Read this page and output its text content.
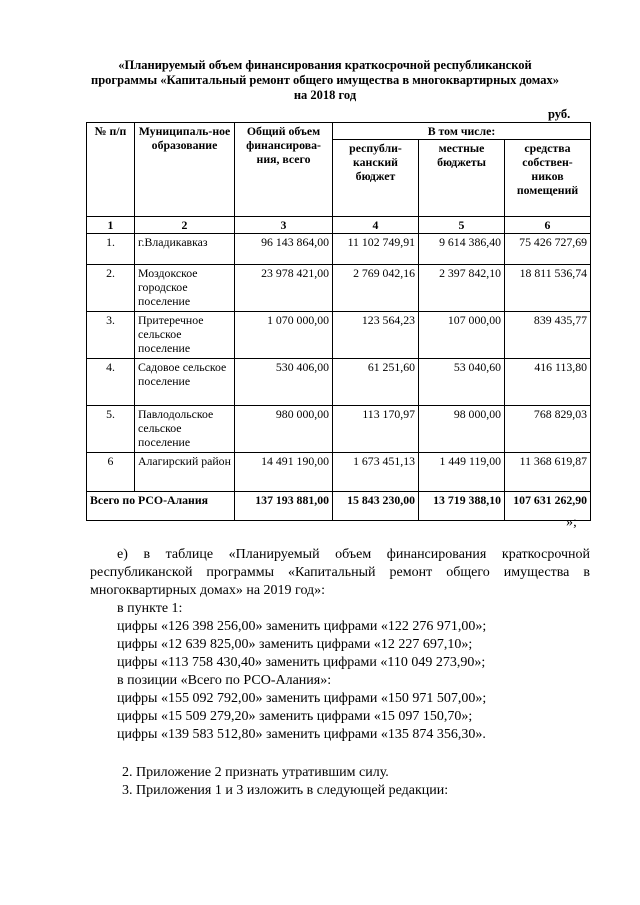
«Планируемый объем финансирования краткосрочной республиканской
программы «Капитальный ремонт общего имущества в многоквартирных домах»
на 2018 год
руб.
№ п/п	Муниципаль-ное образование	Общий объем финансирова-ния, всего	В том числе:		
			республи-канский бюджет	местные бюджеты	средства собствен-ников помещений
1	2	3	4	5	6
1.	г.Владикавказ	96 143 864,00	11 102 749,91	9 614 386,40	75 426 727,69
2.	Моздокское городское поселение	23 978 421,00	2 769 042,16	2 397 842,10	18 811 536,74
3.	Притеречное сельское поселение	1 070 000,00	123 564,23	107 000,00	839 435,77
4.	Садовое сельское поселение	530 406,00	61 251,60	53 040,60	416 113,80
5.	Павлодольское сельское поселение	980 000,00	113 170,97	98 000,00	768 829,03
6	Алагирский район	14 491 190,00	1 673 451,13	1 449 119,00	11 368 619,87
Всего по РСО-Алания		137 193 881,00	15 843 230,00	13 719 388,10	107 631 262,90
»;
е) в таблице «Планируемый объем финансирования краткосрочной республиканской программы «Капитальный ремонт общего имущества в многоквартирных домах» на 2019 год»:
в пункте 1:
цифры «126 398 256,00» заменить цифрами «122 276 971,00»;
цифры «12 639 825,00» заменить цифрами «12 227 697,10»;
цифры «113 758 430,40» заменить цифрами «110 049 273,90»;
в позиции «Всего по РСО-Алания»:
цифры «155 092 792,00» заменить цифрами «150 971 507,00»;
цифры «15 509 279,20» заменить цифрами «15 097 150,70»;
цифры «139 583 512,80» заменить цифрами «135 874 356,30».
2. Приложение 2 признать утратившим силу.
3. Приложения 1 и 3 изложить в следующей редакции:
